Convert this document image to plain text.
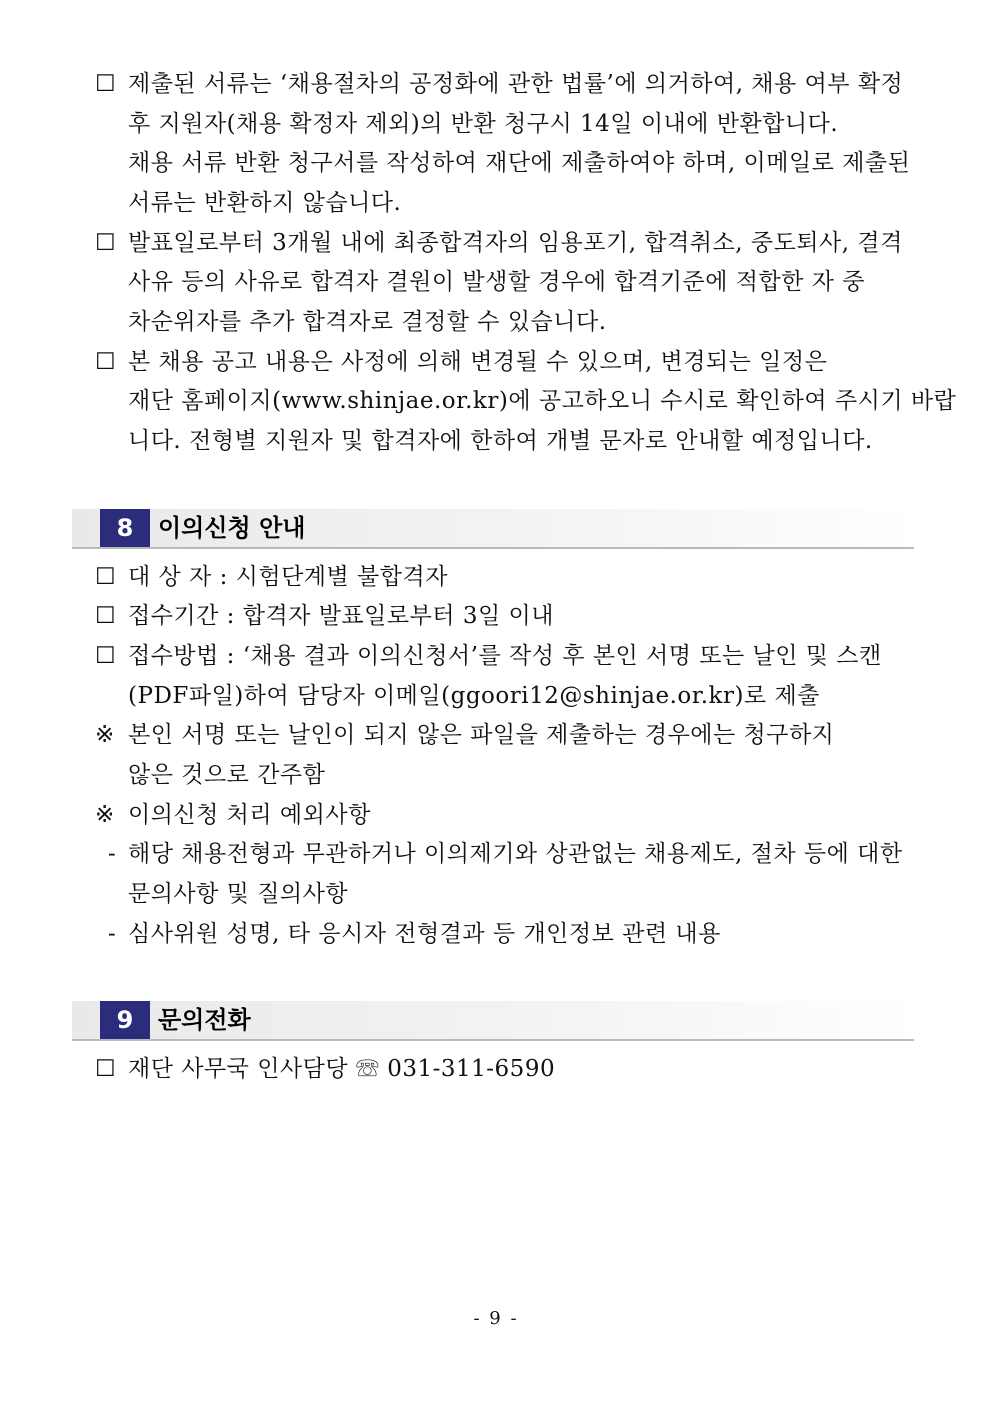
☐ 제출된 서류는 ‘채용절차의 공정화에 관한 법률’에 의거하여, 채용 여부 확정
후 지원자(채용 확정자 제외)의 반환 청구시 14일 이내에 반환합니다.
채용 서류 반환 청구서를 작성하여 재단에 제출하여야 하며, 이메일로 제출된
서류는 반환하지 않습니다.
☐ 발표일로부터 3개월 내에 최종합격자의 임용포기, 합격취소, 중도퇴사, 결격
사유 등의 사유로 합격자 결원이 발생할 경우에 합격기준에 적합한 자 중
차순위자를 추가 합격자로 결정할 수 있습니다.
☐ 본 채용 공고 내용은 사정에 의해 변경될 수 있으며, 변경되는 일정은
재단 홈페이지(www.shinjae.or.kr)에 공고하오니 수시로 확인하여 주시기 바랍
니다. 전형별 지원자 및 합격자에 한하여 개별 문자로 안내할 예정입니다.
8	이의신청 안내
☐ 대 상 자 : 시험단계별 불합격자
☐ 접수기간 : 합격자 발표일로부터 3일 이내
☐ 접수방법 : ‘채용 결과 이의신청서’를 작성 후 본인 서명 또는 날인 및 스캔
(PDF파일)하여 담당자 이메일(ggoori12@shinjae.or.kr)로 제출
※ 본인 서명 또는 날인이 되지 않은 파일을 제출하는 경우에는 청구하지
않은 것으로 간주함
※ 이의신청 처리 예외사항
- 해당 채용전형과 무관하거나 이의제기와 상관없는 채용제도, 절차 등에 대한
문의사항 및 질의사항
- 심사위원 성명, 타 응시자 전형결과 등 개인정보 관련 내용
9	문의전화
☐ 재단 사무국 인사담당 ☏ 031-311-6590
- 9 -
